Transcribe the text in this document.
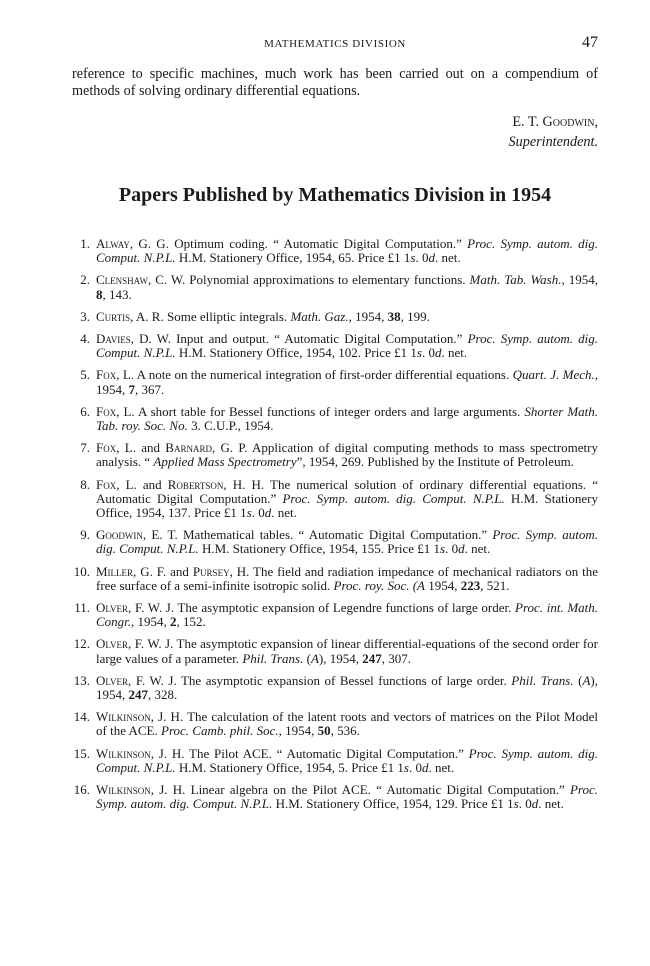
MATHEMATICS DIVISION	47

reference to specific machines, much work has been carried out on a compendium of methods of solving ordinary differential equations.

E. T. Goodwin,
Superintendent.
Papers Published by Mathematics Division in 1954
1. Alway, G. G. Optimum coding. “ Automatic Digital Computation.” Proc. Symp. autom. dig. Comput. N.P.L. H.M. Stationery Office, 1954, 65. Price £1 1s. 0d. net.
2. Clenshaw, C. W. Polynomial approximations to elementary functions. Math. Tab. Wash., 1954, 8, 143.
3. Curtis, A. R. Some elliptic integrals. Math. Gaz., 1954, 38, 199.
4. Davies, D. W. Input and output. “ Automatic Digital Computation.” Proc. Symp. autom. dig. Comput. N.P.L. H.M. Stationery Office, 1954, 102. Price £1 1s. 0d. net.
5. Fox, L. A note on the numerical integration of first-order differential equations. Quart. J. Mech., 1954, 7, 367.
6. Fox, L. A short table for Bessel functions of integer orders and large arguments. Shorter Math. Tab. roy. Soc. No. 3. C.U.P., 1954.
7. Fox, L. and Barnard, G. P. Application of digital computing methods to mass spectrometry analysis. “ Applied Mass Spectrometry”, 1954, 269. Published by the Institute of Petroleum.
8. Fox, L. and Robertson, H. H. The numerical solution of ordinary differential equations. “ Automatic Digital Computation.” Proc. Symp. autom. dig. Comput. N.P.L. H.M. Stationery Office, 1954, 137. Price £1 1s. 0d. net.
9. Goodwin, E. T. Mathematical tables. “ Automatic Digital Computation.” Proc. Symp. autom. dig. Comput. N.P.L. H.M. Stationery Office, 1954, 155. Price £1 1s. 0d. net.
10. Miller, G. F. and Pursey, H. The field and radiation impedance of mechanical radiators on the free surface of a semi-infinite isotropic solid. Proc. roy. Soc. (A 1954, 223, 521.
11. Olver, F. W. J. The asymptotic expansion of Legendre functions of large order. Proc. int. Math. Congr., 1954, 2, 152.
12. Olver, F. W. J. The asymptotic expansion of linear differential-equations of the second order for large values of a parameter. Phil. Trans. (A), 1954, 247, 307.
13. Olver, F. W. J. The asymptotic expansion of Bessel functions of large order. Phil. Trans. (A), 1954, 247, 328.
14. Wilkinson, J. H. The calculation of the latent roots and vectors of matrices on the Pilot Model of the ACE. Proc. Camb. phil. Soc., 1954, 50, 536.
15. Wilkinson, J. H. The Pilot ACE. “ Automatic Digital Computation.” Proc. Symp. autom. dig. Comput. N.P.L. H.M. Stationery Office, 1954, 5. Price £1 1s. 0d. net.
16. Wilkinson, J. H. Linear algebra on the Pilot ACE. “ Automatic Digital Computation.” Proc. Symp. autom. dig. Comput. N.P.L. H.M. Stationery Office, 1954, 129. Price £1 1s. 0d. net.
